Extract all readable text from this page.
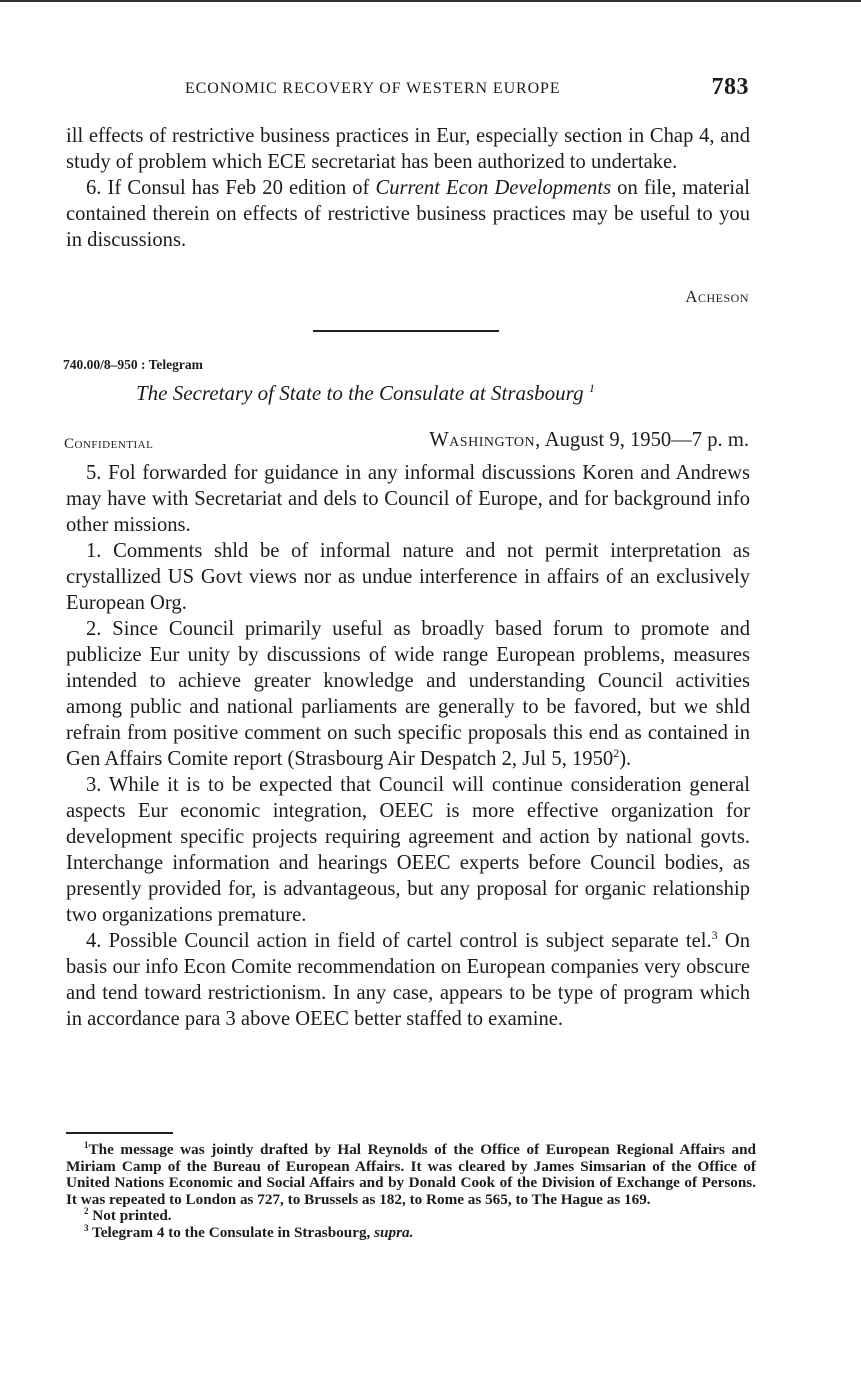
ECONOMIC RECOVERY OF WESTERN EUROPE	783

ill effects of restrictive business practices in Eur, especially section in Chap 4, and study of problem which ECE secretariat has been authorized to undertake.

6. If Consul has Feb 20 edition of Current Econ Developments on file, material contained therein on effects of restrictive business practices may be useful to you in discussions.

Acheson
740.00/8–950 : Telegram
The Secretary of State to the Consulate at Strasbourg $^1$
Confidential	Washington, August 9, 1950—7 p. m.

5. Fol forwarded for guidance in any informal discussions Koren and Andrews may have with Secretariat and dels to Council of Europe, and for background info other missions.

1. Comments shld be of informal nature and not permit interpretation as crystallized US Govt views nor as undue interference in affairs of an exclusively European Org.

2. Since Council primarily useful as broadly based forum to promote and publicize Eur unity by discussions of wide range European problems, measures intended to achieve greater knowledge and understanding Council activities among public and national parliaments are generally to be favored, but we shld refrain from positive comment on such specific proposals this end as contained in Gen Affairs Comite report (Strasbourg Air Despatch 2, Jul 5, 1950$^2$).

3. While it is to be expected that Council will continue consideration general aspects Eur economic integration, OEEC is more effective organization for development specific projects requiring agreement and action by national govts. Interchange information and hearings OEEC experts before Council bodies, as presently provided for, is advantageous, but any proposal for organic relationship two organizations premature.

4. Possible Council action in field of cartel control is subject separate tel.$^3$ On basis our info Econ Comite recommendation on European companies very obscure and tend toward restrictionism. In any case, appears to be type of program which in accordance para 3 above OEEC better staffed to examine.

$^1$The message was jointly drafted by Hal Reynolds of the Office of European Regional Affairs and Miriam Camp of the Bureau of European Affairs. It was cleared by James Simsarian of the Office of United Nations Economic and Social Affairs and by Donald Cook of the Division of Exchange of Persons. It was repeated to London as 727, to Brussels as 182, to Rome as 565, to The Hague as 169.

$^2$ Not printed.

$^3$ Telegram 4 to the Consulate in Strasbourg, supra.
